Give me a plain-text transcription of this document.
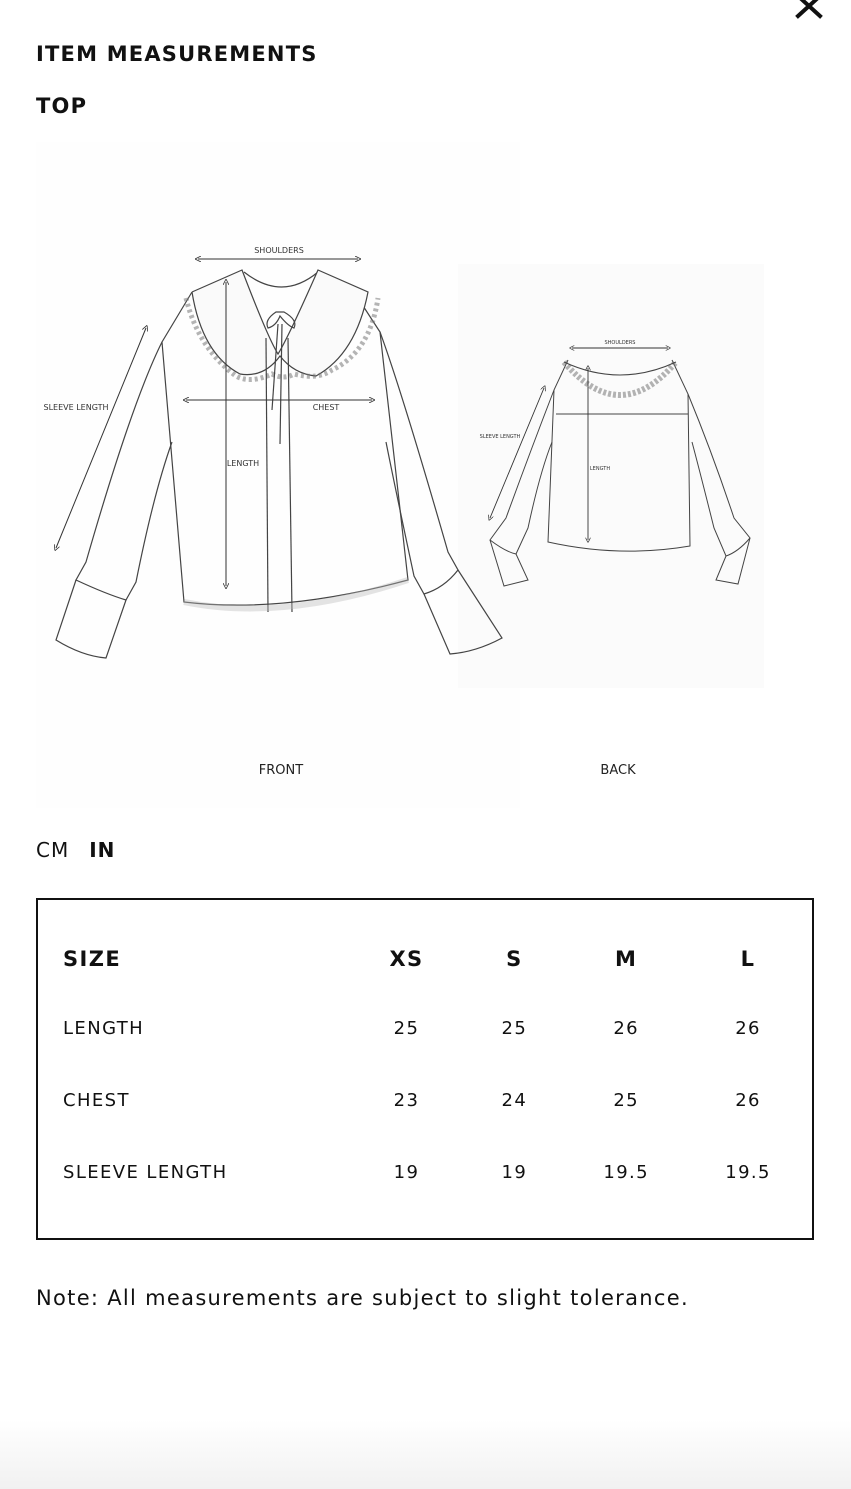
ITEM MEASUREMENTS
TOP
SHOULDERS
CHEST
LENGTH
SLEEVE LENGTH
SHOULDERS
LENGTH
SLEEVE LENGTH
FRONT	BACK
CM IN
SIZE	XS	S	M	L
LENGTH	25	25	26	26
CHEST	23	24	25	26
SLEEVE LENGTH	19	19	19.5	19.5

Note: All measurements are subject to slight tolerance.
